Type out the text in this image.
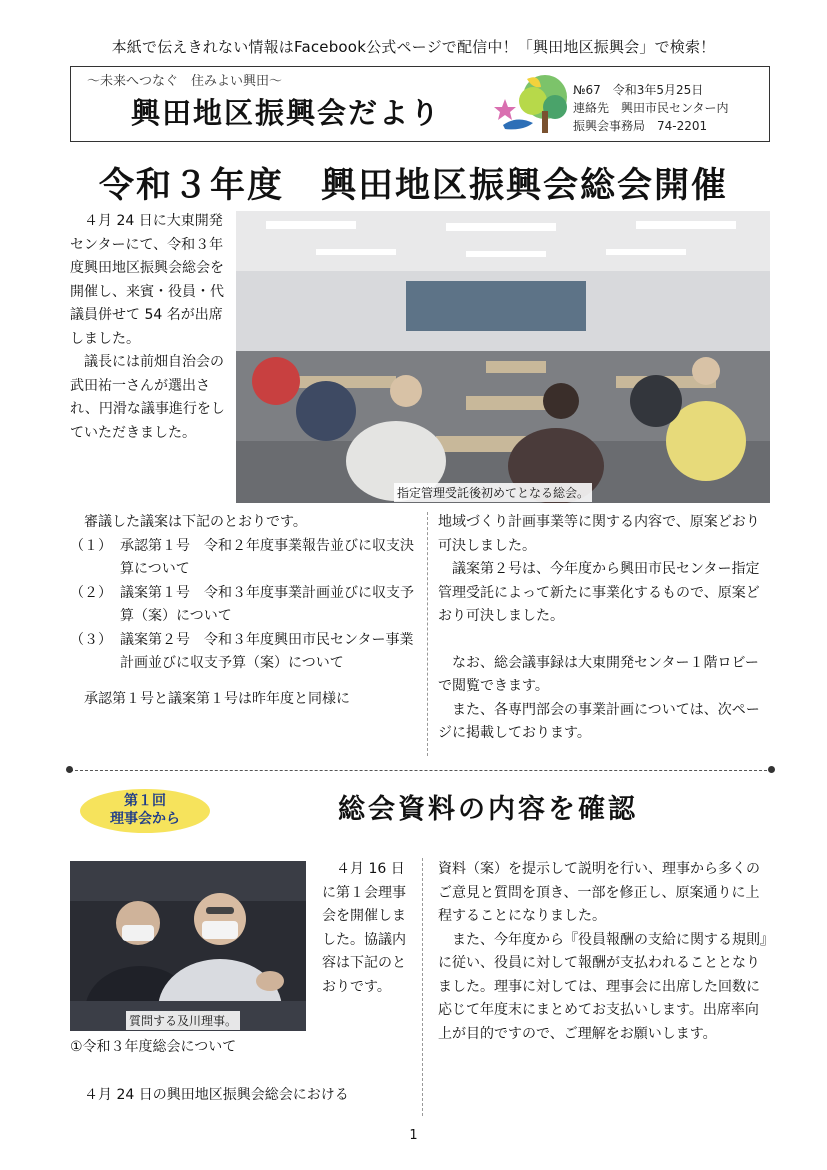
本紙で伝えきれない情報はFacebook公式ページで配信中！「興田地区振興会」で検索！
～未来へつなぐ　住みよい興田～
興田地区振興会だより
№67　令和3年5月25日
連絡先　興田市民センター内
振興会事務局　74-2201
令和３年度　興田地区振興会総会開催

４月 24 日に大東開発センターにて、令和３年度興田地区振興会総会を開催し、来賓・役員・代議員併せて 54 名が出席しました。

議長には前畑自治会の武田祐一さんが選出され、円滑な議事進行をしていただきました。

指定管理受託後初めてとなる総会。

審議した議案は下記のとおりです。

（１） 承認第１号　令和２年度事業報告並びに収支決算について
（２） 議案第１号　令和３年度事業計画並びに収支予算（案）について
（３） 議案第２号　令和３年度興田市民センター事業計画並びに収支予算（案）について

承認第１号と議案第１号は昨年度と同様に

地域づくり計画事業等に関する内容で、原案どおり可決しました。

議案第２号は、今年度から興田市民センター指定管理受託によって新たに事業化するもので、原案どおり可決しました。

なお、総会議事録は大東開発センター１階ロビーで閲覧できます。

また、各専門部会の事業計画については、次ページに掲載しております。

第１回
理事会から	総会資料の内容を確認
質問する及川理事。

４月 16 日に第１会理事会を開催しました。協議内容は下記のとおりです。

①令和３年度総会について

４月 24 日の興田地区振興会総会における

資料（案）を提示して説明を行い、理事から多くのご意見と質問を頂き、一部を修正し、原案通りに上程することになりました。

また、今年度から『役員報酬の支給に関する規則』に従い、役員に対して報酬が支払われることとなりました。理事に対しては、理事会に出席した回数に応じて年度末にまとめてお支払いします。出席率向上が目的ですので、ご理解をお願いします。

1
